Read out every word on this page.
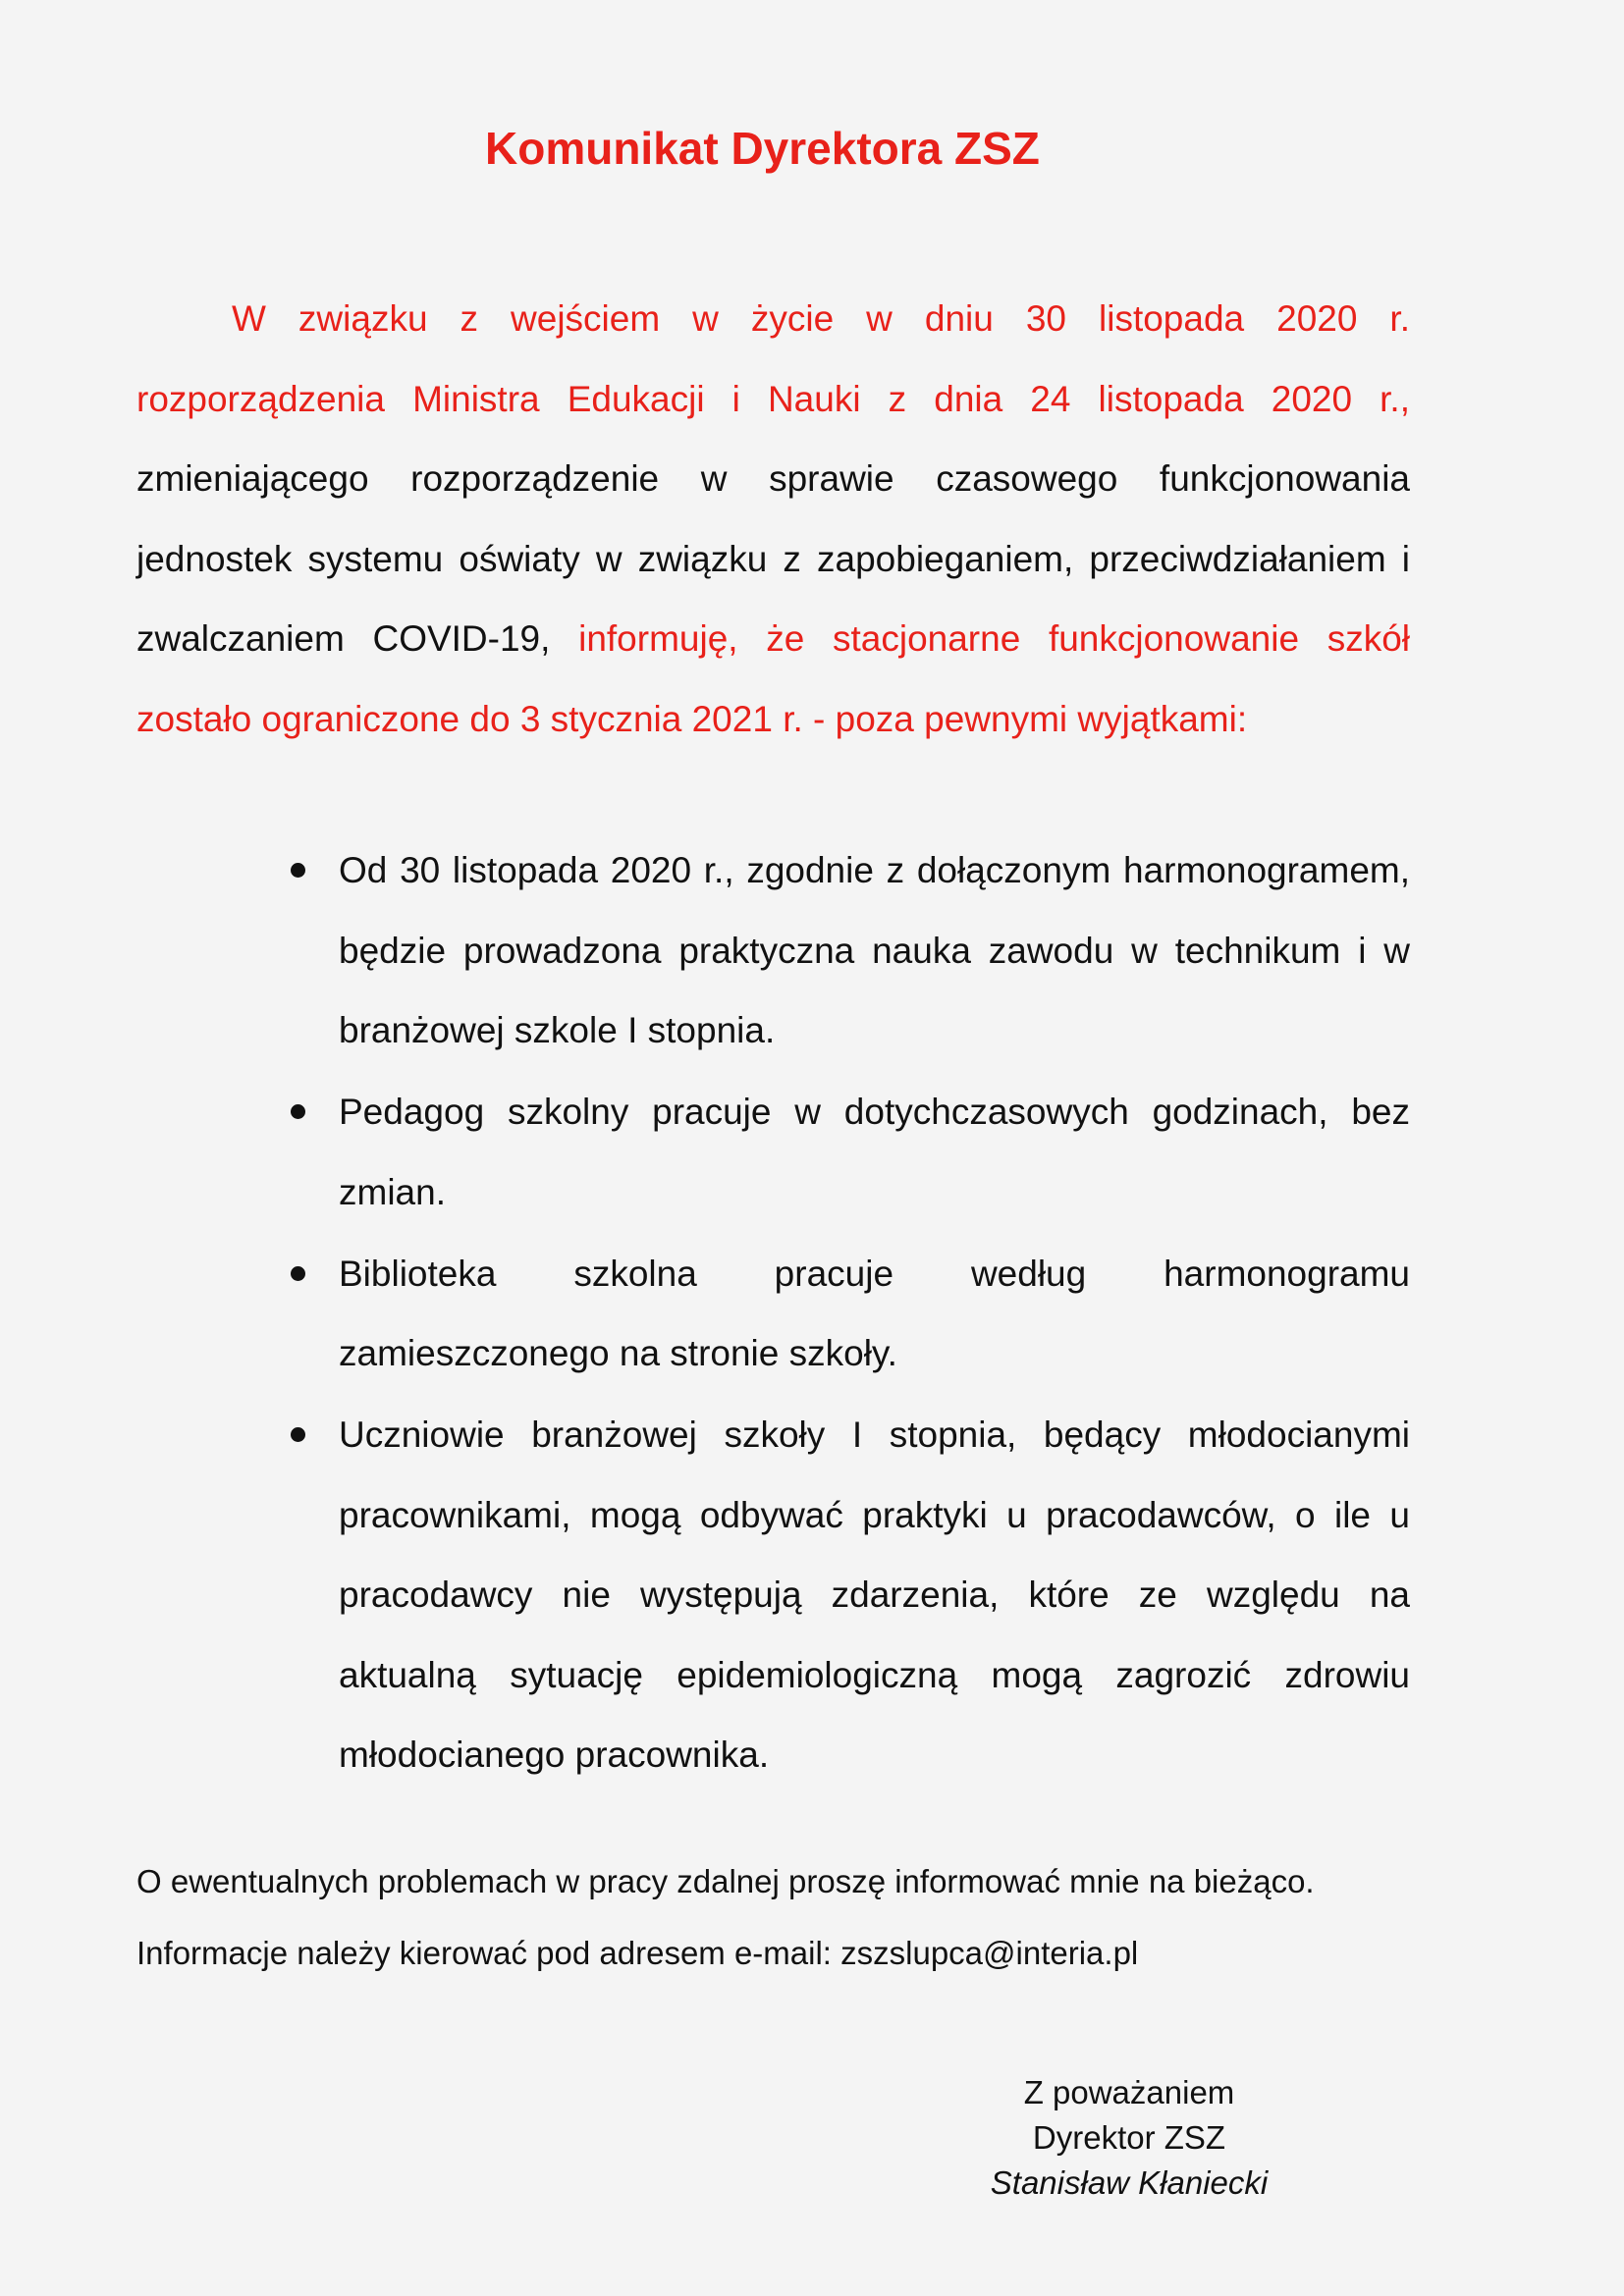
Komunikat Dyrektora ZSZ

W związku z wejściem w życie w dniu 30 listopada 2020 r. rozporządzenia Ministra Edukacji i Nauki z dnia 24 listopada 2020 r., zmieniającego rozporządzenie w sprawie czasowego funkcjonowania jednostek systemu oświaty w związku z zapobieganiem, przeciwdziałaniem i zwalczaniem COVID-19, informuję, że stacjonarne funkcjonowanie szkół zostało ograniczone do 3 stycznia 2021 r. - poza pewnymi wyjątkami:

Od 30 listopada 2020 r., zgodnie z dołączonym harmonogramem, będzie prowadzona praktyczna nauka zawodu w technikum i w branżowej szkole I stopnia.
Pedagog szkolny pracuje w dotychczasowych godzinach, bez zmian.
Biblioteka szkolna pracuje według harmonogramu zamieszczonego na stronie szkoły.
Uczniowie branżowej szkoły I stopnia, będący młodocianymi pracownikami, mogą odbywać praktyki u pracodawców, o ile u pracodawcy nie występują zdarzenia, które ze względu na aktualną sytuację epidemiologiczną mogą zagrozić zdrowiu młodocianego pracownika.

O ewentualnych problemach w pracy zdalnej proszę informować mnie na bieżąco.

Informacje należy kierować pod adresem e-mail: zszslupca@interia.pl

Z poważaniem
Dyrektor ZSZ
Stanisław Kłaniecki
